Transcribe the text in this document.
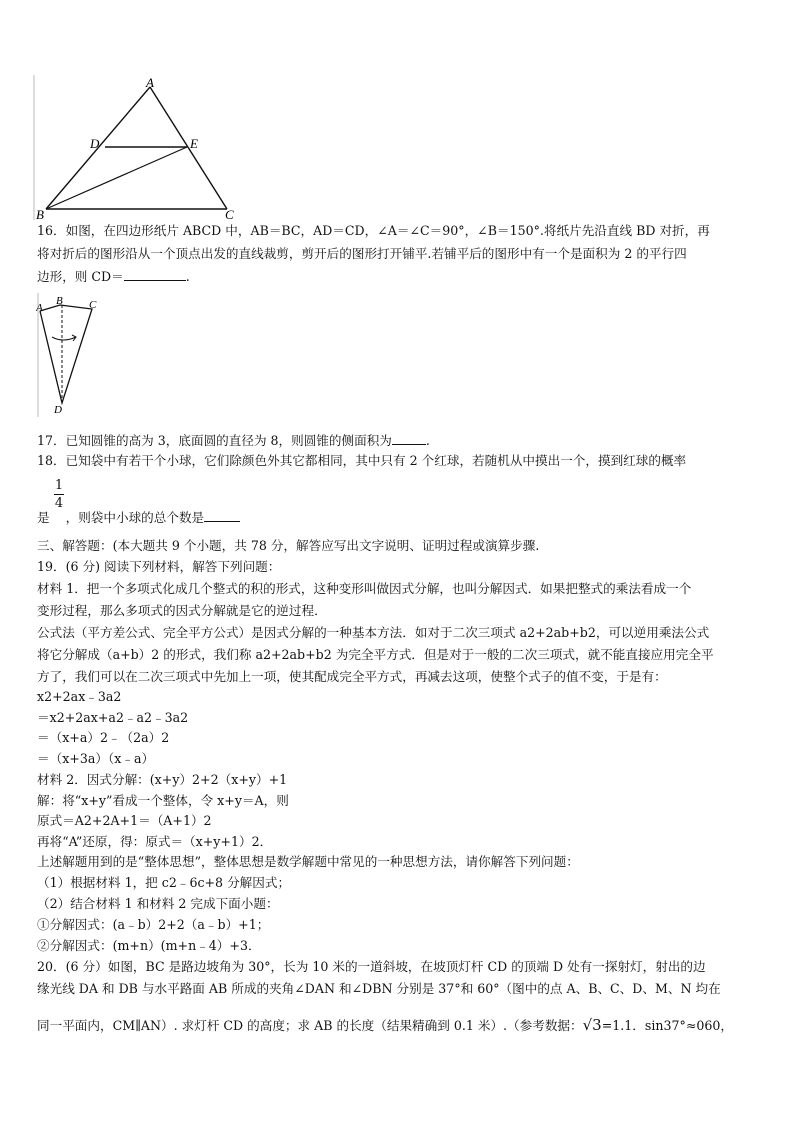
A
D	E
B	C
16．如图，在四边形纸片 ABCD 中，AB＝BC，AD＝CD，∠A＝∠C＝90°，∠B＝150°.将纸片先沿直线 BD 对折，再
将对折后的图形沿从一个顶点出发的直线裁剪，剪开后的图形打开铺平.若铺平后的图形中有一个是面积为 2 的平行四
边形，则 CD＝	.
A
B C
D
17．已知圆锥的高为 3，底面圆的直径为 8，则圆锥的侧面积为	.
18．已知袋中有若干个小球，它们除颜色外其它都相同，其中只有 2 个红球，若随机从中摸出一个，摸到红球的概率
1
4
是 ，则袋中小球的总个数是
三、解答题：(本大题共 9 个小题，共 78 分，解答应写出文字说明、证明过程或演算步骤.
19．(6 分) 阅读下列材料，解答下列问题：
材料 1．把一个多项式化成几个整式的积的形式，这种变形叫做因式分解，也叫分解因式．如果把整式的乘法看成一个
变形过程，那么多项式的因式分解就是它的逆过程．
公式法（平方差公式、完全平方公式）是因式分解的一种基本方法．如对于二次三项式 a2+2ab+b2，可以逆用乘法公式
将它分解成（a+b）2 的形式，我们称 a2+2ab+b2 为完全平方式．但是对于一般的二次三项式，就不能直接应用完全平
方了，我们可以在二次三项式中先加上一项，使其配成完全平方式，再减去这项，使整个式子的值不变，于是有：
x2+2ax﹣3a2
＝x2+2ax+a2﹣a2﹣3a2
＝（x+a）2﹣（2a）2
＝（x+3a）（x﹣a）
材料 2．因式分解：(x+y）2+2（x+y）+1
解：将“x+y”看成一个整体，令 x+y＝A，则
原式＝A2+2A+1＝（A+1）2
再将“A”还原，得：原式＝（x+y+1）2．
上述解题用到的是“整体思想”，整体思想是数学解题中常见的一种思想方法，请你解答下列问题：
（1）根据材料 1，把 c2﹣6c+8 分解因式；
（2）结合材料 1 和材料 2 完成下面小题：
①分解因式：(a﹣b）2+2（a﹣b）+1；
②分解因式：(m+n）(m+n﹣4）+3．
20．(6 分）如图，BC 是路边坡角为 30°，长为 10 米的一道斜坡，在坡顶灯杆 CD 的顶端 D 处有一探射灯，射出的边
缘光线 DA 和 DB 与水平路面 AB 所成的夹角∠DAN 和∠DBN 分别是 37°和 60°（图中的点 A、B、C、D、M、N 均在
同一平面内，CM∥AN）. 求灯杆 CD 的高度；求 AB 的长度（结果精确到 0.1 米）.（参考数据：√3=1.1．sin37°≈060，
